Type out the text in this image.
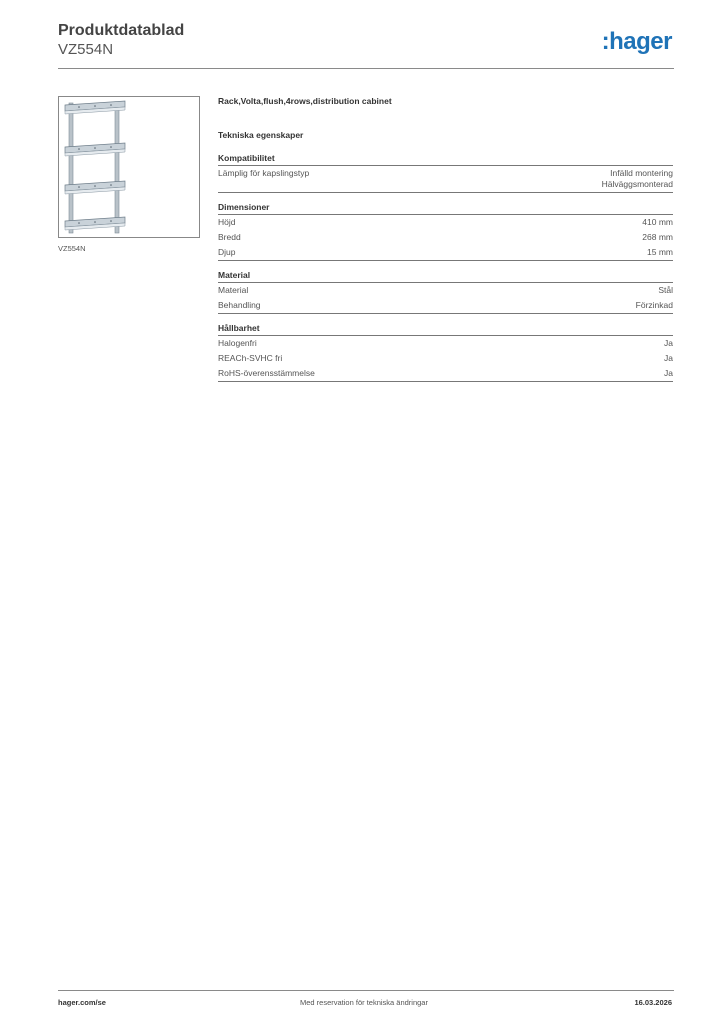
Produktdatablad
VZ554N	:hager
VZ554N
Rack,Volta,flush,4rows,distribution cabinet
Tekniska egenskaper
Kompatibilitet
Lämplig för kapslingstyp	Infälld montering
Hälväggsmonterad
Dimensioner
Höjd	410 mm
Bredd	268 mm
Djup	15 mm
Material
Material	Stål
Behandling	Förzinkad
Hållbarhet
Halogenfri	Ja
REACh-SVHC fri	Ja
RoHS-överensstämmelse	Ja
hager.com/se	Med reservation för tekniska ändringar	16.03.2026
